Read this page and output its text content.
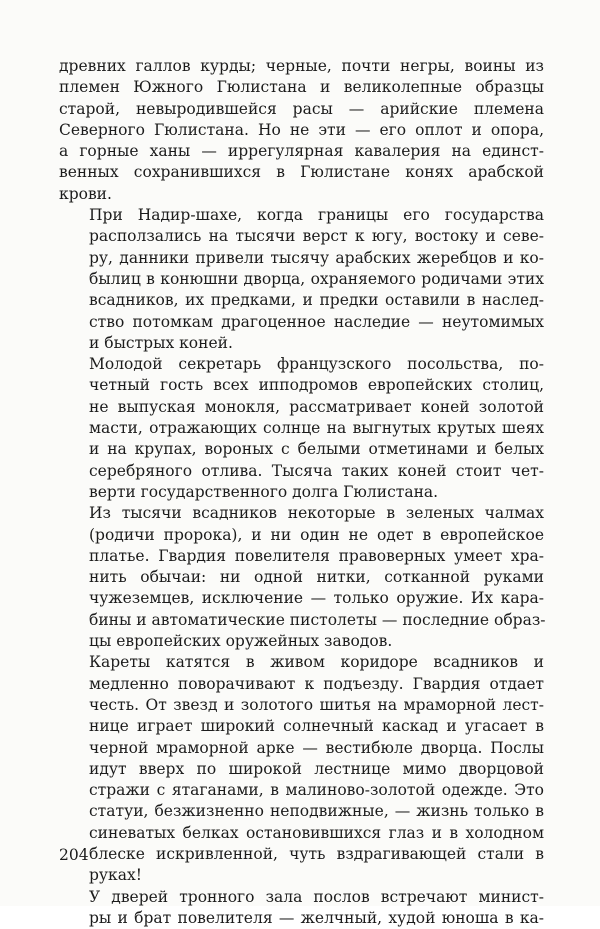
древних галлов курды; черные, почти негры, воины из
племен Южного Гюлистана и великолепные образцы
старой, невыродившейся расы — арийские племена
Северного Гюлистана. Но не эти — его оплот и опора,
а горные ханы — иррегулярная кавалерия на единст-
венных сохранившихся в Гюлистане конях арабской
крови.

При Надир-шахе, когда границы его государства
расползались на тысячи верст к югу, востоку и севе-
ру, данники привели тысячу арабских жеребцов и ко-
былиц в конюшни дворца, охраняемого родичами этих
всадников, их предками, и предки оставили в наслед-
ство потомкам драгоценное наследие — неутомимых
и быстрых коней.

Молодой секретарь французского посольства, по-
четный гость всех ипподромов европейских столиц,
не выпуская монокля, рассматривает коней золотой
масти, отражающих солнце на выгнутых крутых шеях
и на крупах, вороных с белыми отметинами и белых
серебряного отлива. Тысяча таких коней стоит чет-
верти государственного долга Гюлистана.

Из тысячи всадников некоторые в зеленых чалмах
(родичи пророка), и ни один не одет в европейское
платье. Гвардия повелителя правоверных умеет хра-
нить обычаи: ни одной нитки, сотканной руками
чужеземцев, исключение — только оружие. Их кара-
бины и автоматические пистолеты — последние образ-
цы европейских оружейных заводов.

Кареты катятся в живом коридоре всадников и
медленно поворачивают к подъезду. Гвардия отдает
честь. От звезд и золотого шитья на мраморной лест-
нице играет широкий солнечный каскад и угасает в
черной мраморной арке — вестибюле дворца. Послы
идут вверх по широкой лестнице мимо дворцовой
стражи с ятаганами, в малиново-золотой одежде. Это
статуи, безжизненно неподвижные, — жизнь только в
синеватых белках остановившихся глаз и в холодном
блеске искривленной, чуть вздрагивающей стали в
руках!

У дверей тронного зала послов встречают минист-
ры и брат повелителя — желчный, худой юноша в ка-

204
